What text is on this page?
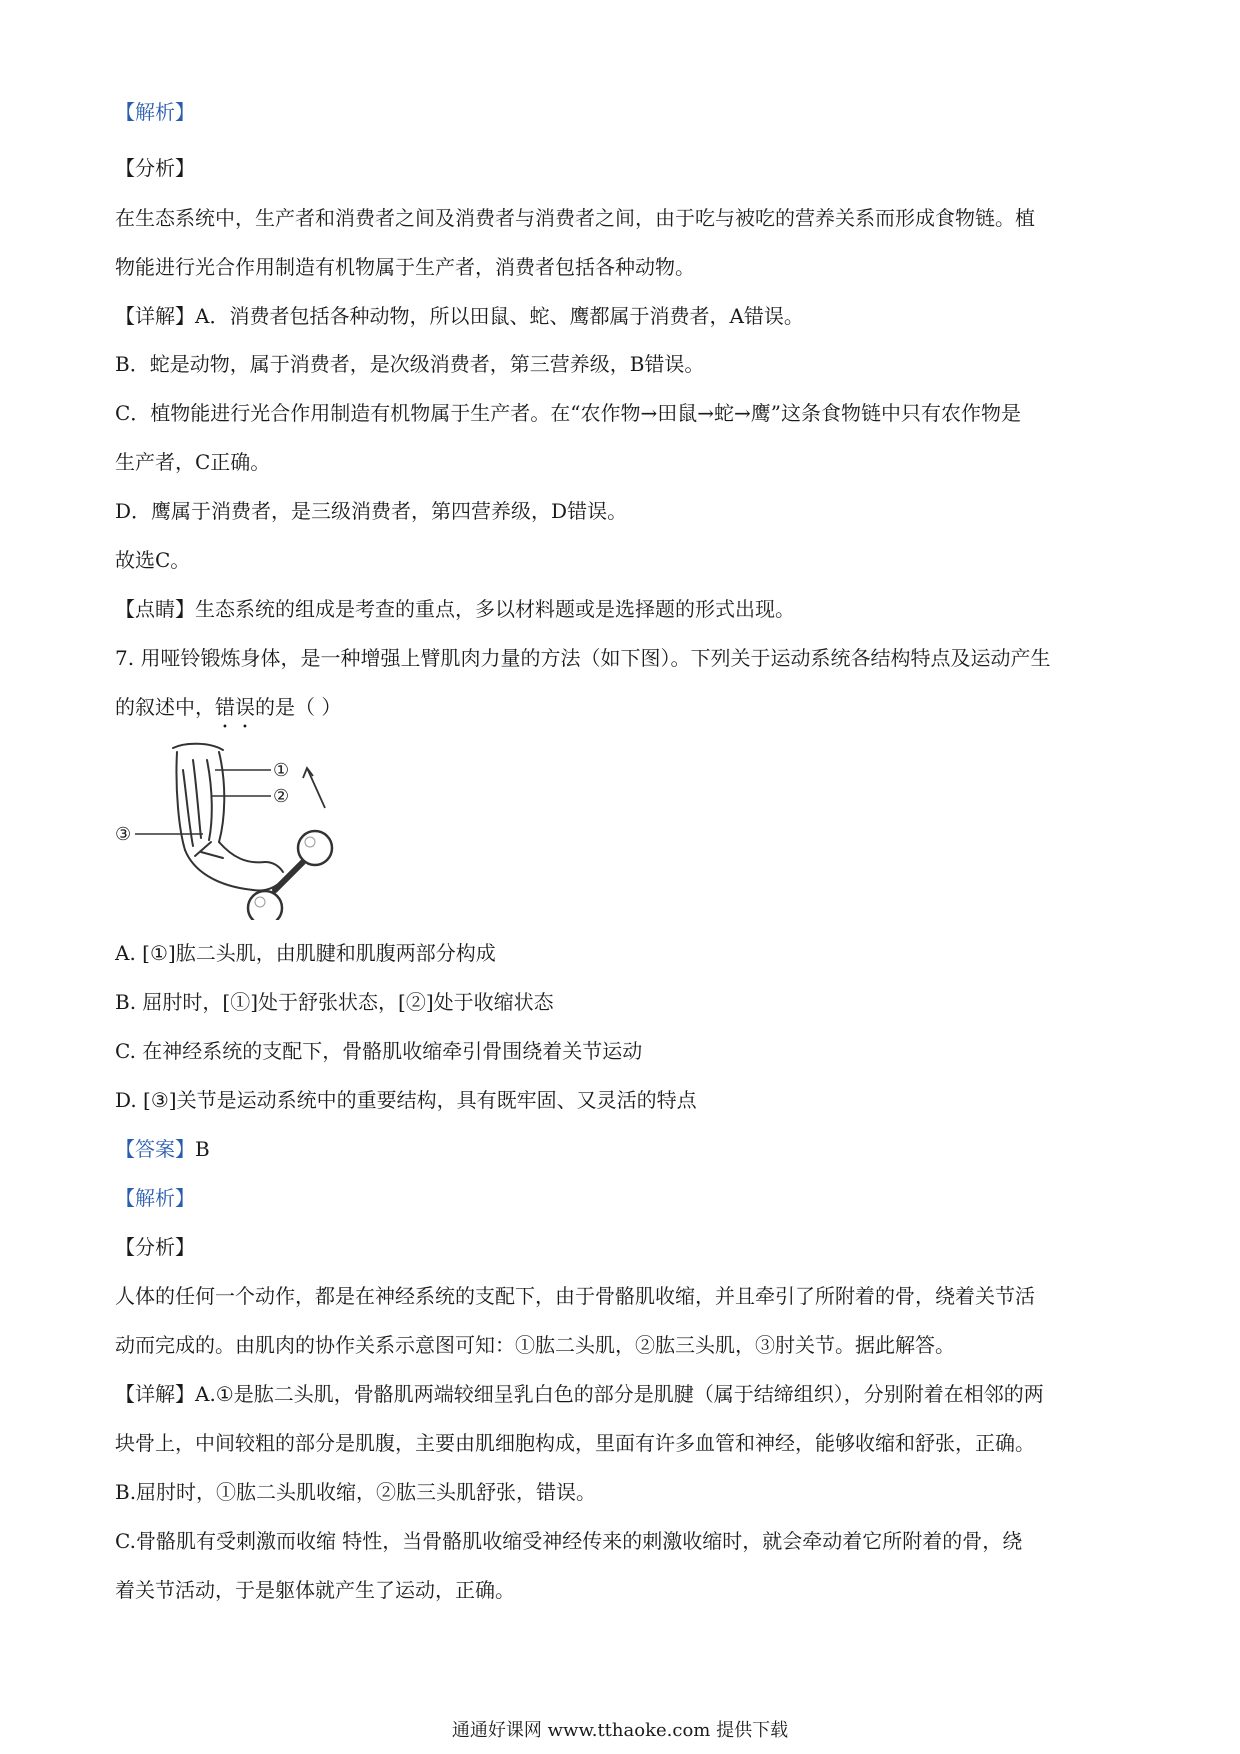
【解析】
【分析】
在生态系统中，生产者和消费者之间及消费者与消费者之间，由于吃与被吃的营养关系而形成食物链。植
物能进行光合作用制造有机物属于生产者，消费者包括各种动物。
【详解】A．消费者包括各种动物，所以田鼠、蛇、鹰都属于消费者，A错误。
B．蛇是动物，属于消费者，是次级消费者，第三营养级，B错误。
C．植物能进行光合作用制造有机物属于生产者。在“农作物→田鼠→蛇→鹰”这条食物链中只有农作物是
生产者，C正确。
D．鹰属于消费者，是三级消费者，第四营养级，D错误。
故选C。
【点睛】生态系统的组成是考查的重点，多以材料题或是选择题的形式出现。
7. 用哑铃锻炼身体，是一种增强上臂肌肉力量的方法（如下图）。下列关于运动系统各结构特点及运动产生
A. [①]肱二头肌，由肌腱和肌腹两部分构成
B. 屈肘时，[①]处于舒张状态，[②]处于收缩状态
C. 在神经系统的支配下，骨骼肌收缩牵引骨围绕着关节运动
D. [③]关节是运动系统中的重要结构，具有既牢固、又灵活的特点
【答案】B
【解析】
【分析】
人体的任何一个动作，都是在神经系统的支配下，由于骨骼肌收缩，并且牵引了所附着的骨，绕着关节活
动而完成的。由肌肉的协作关系示意图可知：①肱二头肌，②肱三头肌，③肘关节。据此解答。
【详解】A.①是肱二头肌，骨骼肌两端较细呈乳白色的部分是肌腱（属于结缔组织），分别附着在相邻的两
块骨上，中间较粗的部分是肌腹，主要由肌细胞构成，里面有许多血管和神经，能够收缩和舒张，正确。
B.屈肘时，①肱二头肌收缩，②肱三头肌舒张，错误。
C.骨骼肌有受刺激而收缩 特性，当骨骼肌收缩受神经传来的刺激收缩时，就会牵动着它所附着的骨，绕
着关节活动，于是躯体就产生了运动，正确。
的叙述中，错误的是（ ）
①
②
③
通通好课网 www.tthaoke.com 提供下载
